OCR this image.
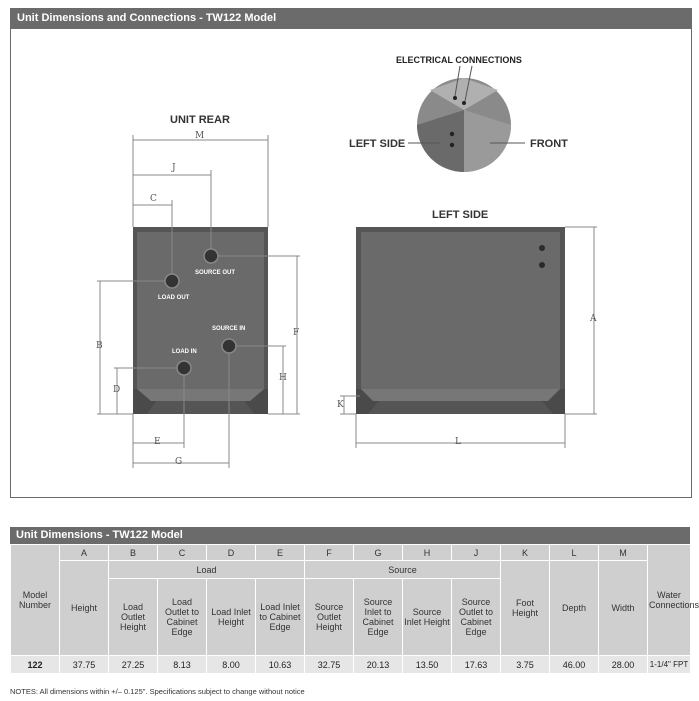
Unit Dimensions and Connections - TW122 Model
UNIT REAR
LEFT SIDE
ELECTRICAL CONNECTIONS
LEFT SIDE	FRONT
SOURCE OUT
LOAD OUT
SOURCE IN
LOAD IN
M
J
C
B
D
E
G
F
H
A
K
L
Unit Dimensions - TW122 Model
Model Number	A	B	C	D	E	F	G	H	J	K	L	M	Water Connections
	Height	Load				Source				Foot Height	Depth	Width	
		Load Outlet Height	Load Outlet to Cabinet Edge	Load Inlet Height	Load Inlet to Cabinet Edge	Source Outlet Height	Source Inlet to Cabinet Edge	Source Inlet Height	Source Outlet to Cabinet Edge				
122	37.75	27.25	8.13	8.00	10.63	32.75	20.13	13.50	17.63	3.75	46.00	28.00	1-1/4" FPT
NOTES: All dimensions within +/– 0.125". Specifications subject to change without notice
